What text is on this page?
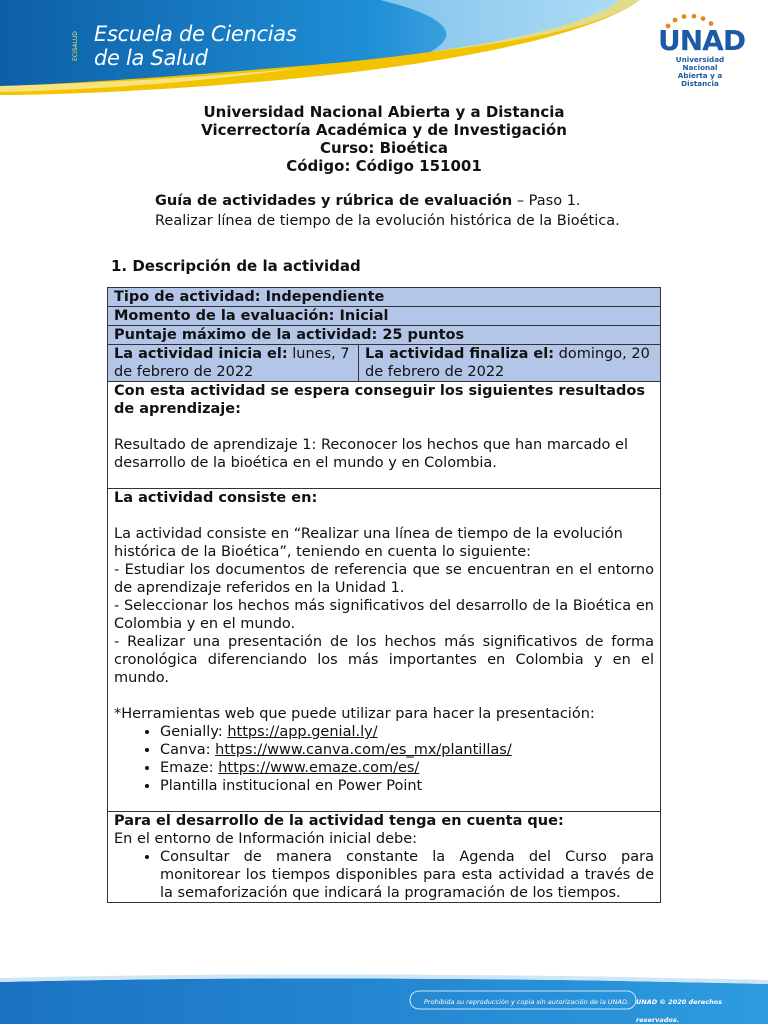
ECISALUD Escuela de Ciencias
de la Salud
UNAD
Universidad Nacional
Abierta y a Distancia
Universidad Nacional Abierta y a Distancia
Vicerrectoría Académica y de Investigación
Curso: Bioética
Código: Código 151001
Guía de actividades y rúbrica de evaluación – Paso 1.
Realizar línea de tiempo de la evolución histórica de la Bioética.
1. Descripción de la actividad
Tipo de actividad: Independiente
Momento de la evaluación: Inicial
Puntaje máximo de la actividad: 25 puntos
La actividad inicia el: lunes, 7 de febrero de 2022	La actividad finaliza el: domingo, 20 de febrero de 2022

Con esta actividad se espera conseguir los siguientes resultados de aprendizaje:
Resultado de aprendizaje 1: Reconocer los hechos que han marcado el desarrollo de la bioética en el mundo y en Colombia.

La actividad consiste en:
La actividad consiste en “Realizar una línea de tiempo de la evolución histórica de la Bioética”, teniendo en cuenta lo siguiente:
- Estudiar los documentos de referencia que se encuentran en el entorno de aprendizaje referidos en la Unidad 1.
- Seleccionar los hechos más significativos del desarrollo de la Bioética en Colombia y en el mundo.
- Realizar una presentación de los hechos más significativos de forma cronológica diferenciando los más importantes en Colombia y en el mundo.
*Herramientas web que puede utilizar para hacer la presentación:
• Genially: https://app.genial.ly/
• Canva: https://www.canva.com/es_mx/plantillas/
• Emaze: https://www.emaze.com/es/
• Plantilla institucional en Power Point

Para el desarrollo de la actividad tenga en cuenta que:
En el entorno de Información inicial debe:
• Consultar de manera constante la Agenda del Curso para monitorear los tiempos disponibles para esta actividad a través de la semaforización que indicará la programación de los tiempos.
Prohibida su reproducción y copia sin autorización de la UNAD.	UNAD © 2020 derechos reservados.
